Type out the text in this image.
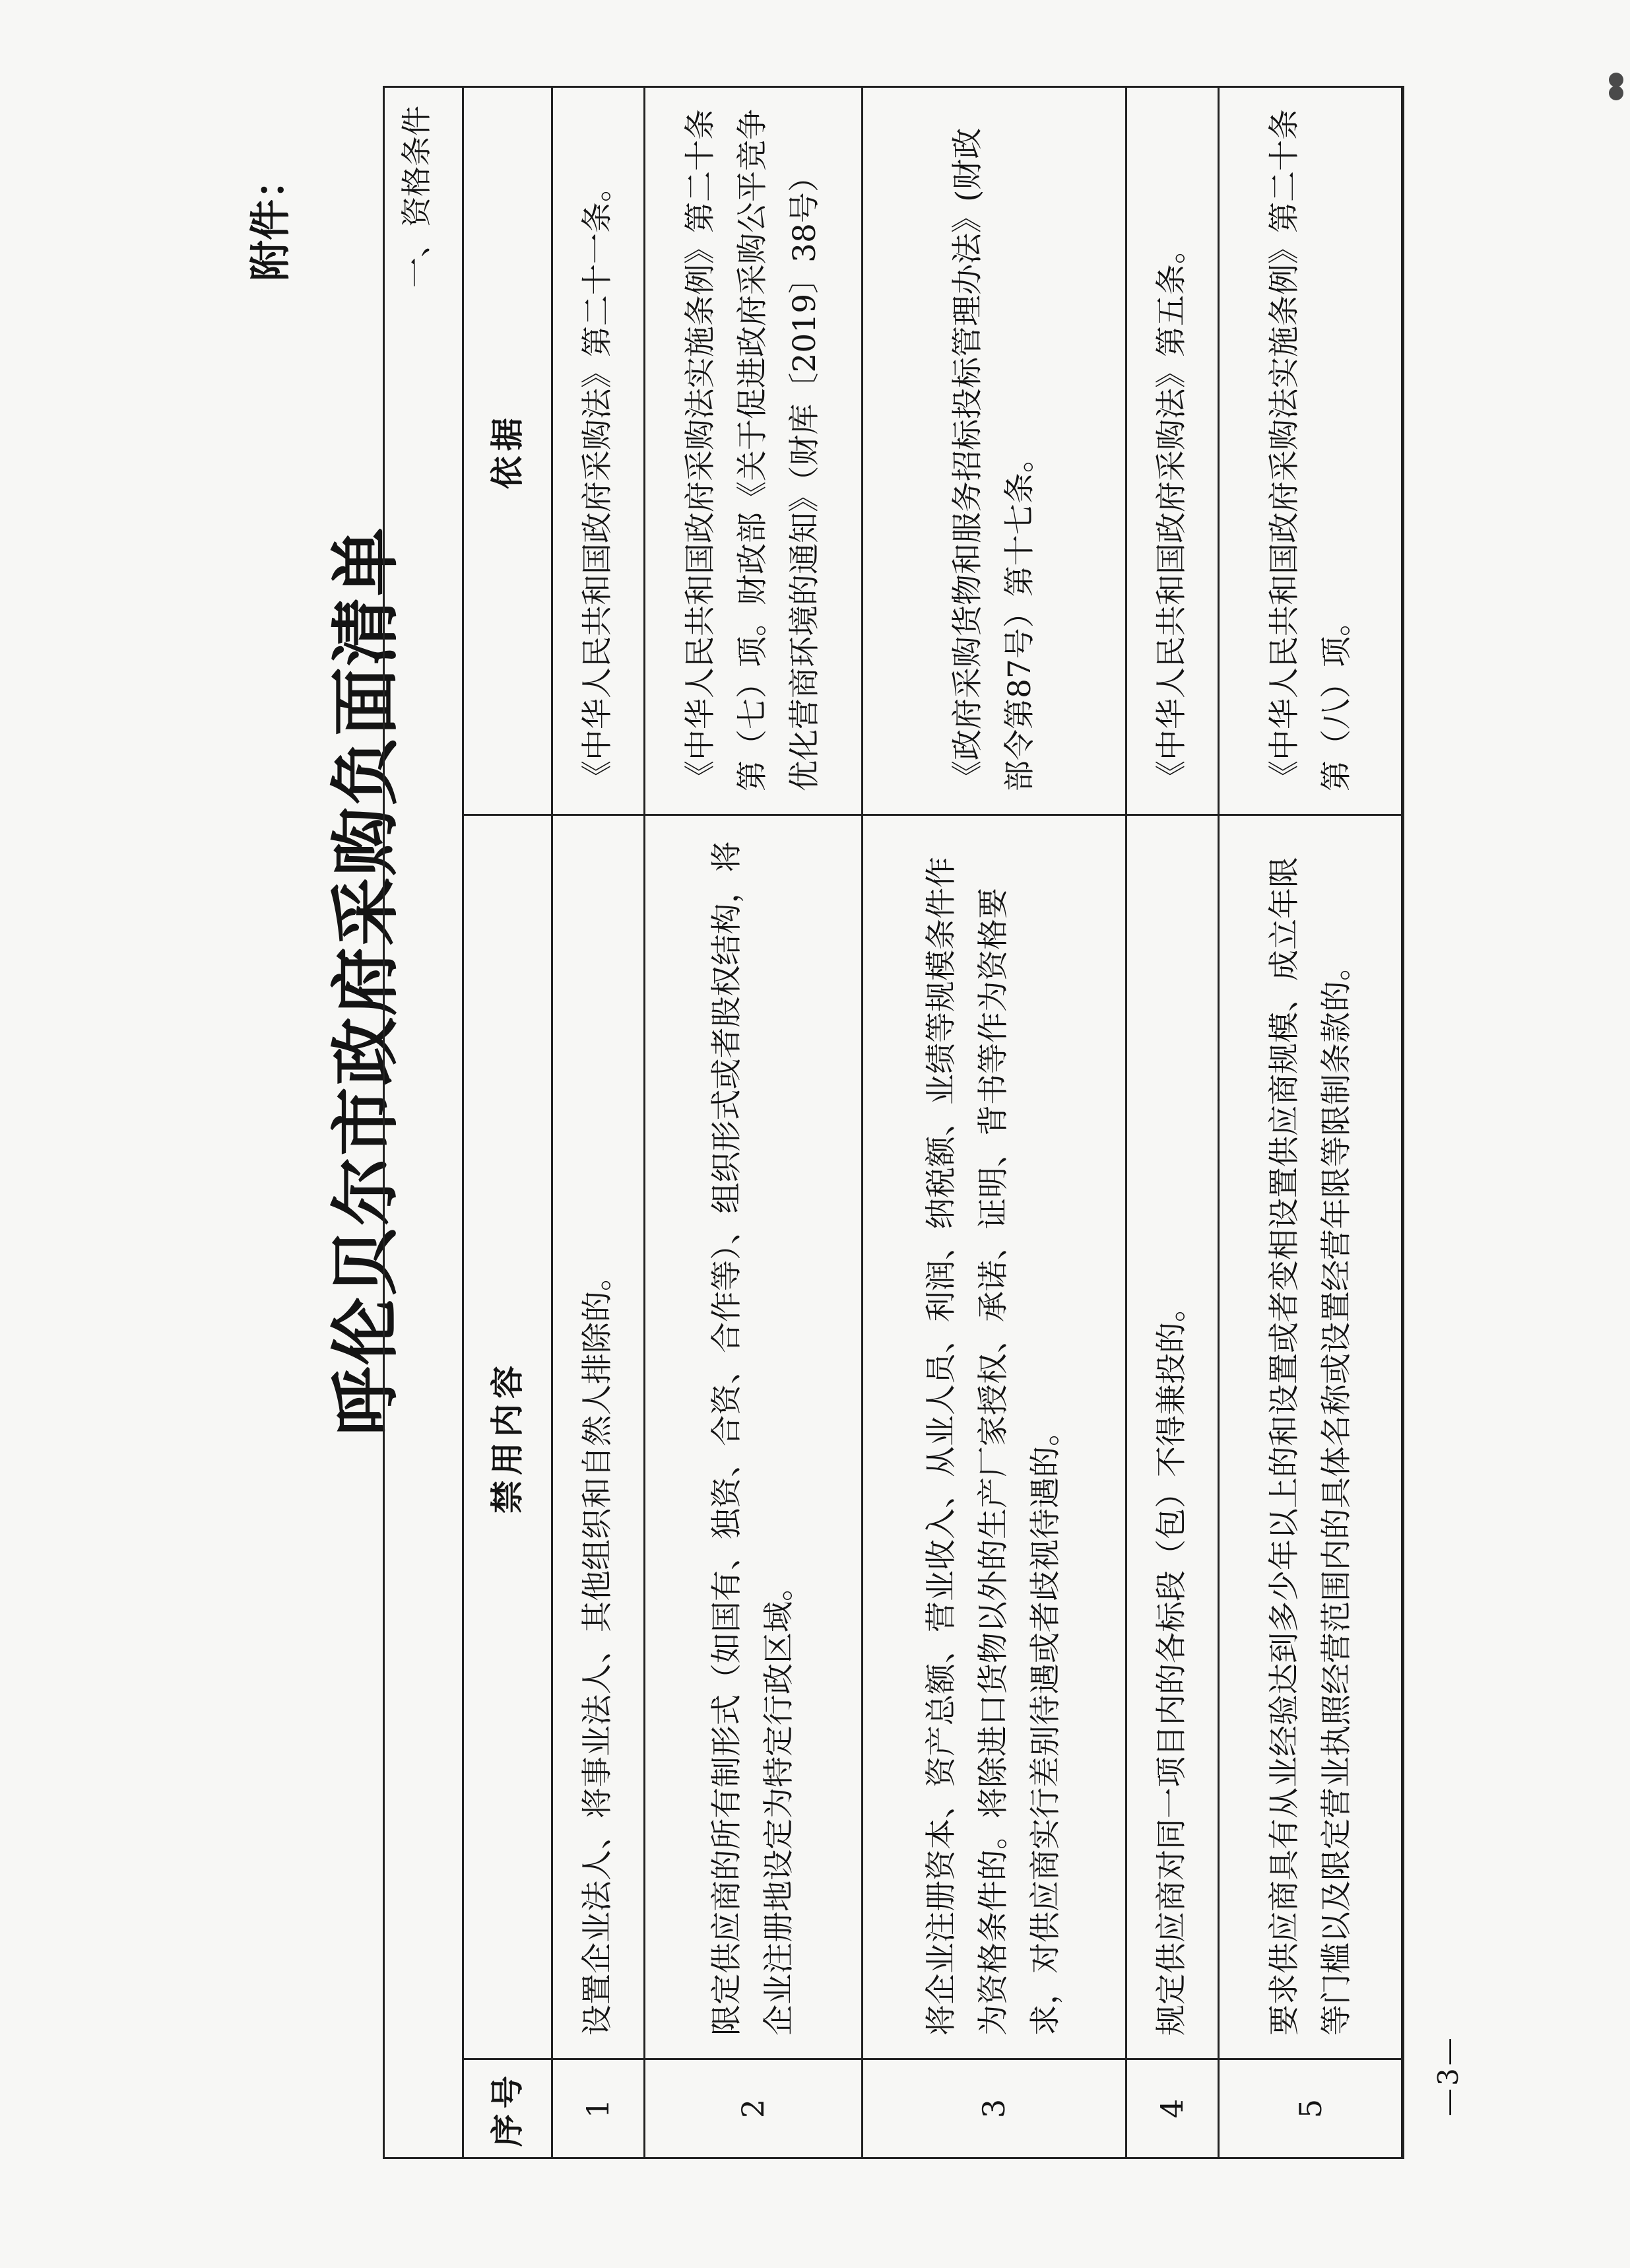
附件：
呼伦贝尔市政府采购负面清单
一、资格条件
序号	禁用内容	依据
1	设置企业法人、将事业法人、其他组织和自然人排除的。	《中华人民共和国政府采购法》第二十一条。
2	限定供应商的所有制形式（如国有、独资、合资、合作等）、组织形式或者股权结构，将企业注册地设定为特定行政区域。	《中华人民共和国政府采购法实施条例》第二十条第（七）项。财政部《关于促进政府采购公平竞争优化营商环境的通知》（财库〔2019〕38号）
3	将企业注册资本、资产总额、营业收入、从业人员、利润、纳税额、业绩等规模条件作为资格条件的。将除进口货物以外的生产厂家授权、承诺、证明、背书等作为资格要求，对供应商实行差别待遇或者歧视待遇的。	《政府采购货物和服务招标投标管理办法》(财政部令第87号）第十七条。
4	规定供应商对同一项目内的各标段（包）不得兼投的。	《中华人民共和国政府采购法》第五条。
5	要求供应商具有从业经验达到多少年以上的和设置或者变相设置供应商规模、成立年限等门槛以及限定营业执照经营范围内的具体名称或设置经营年限等限制条款的。	《中华人民共和国政府采购法实施条例》第二十条第（八）项。
—3—
